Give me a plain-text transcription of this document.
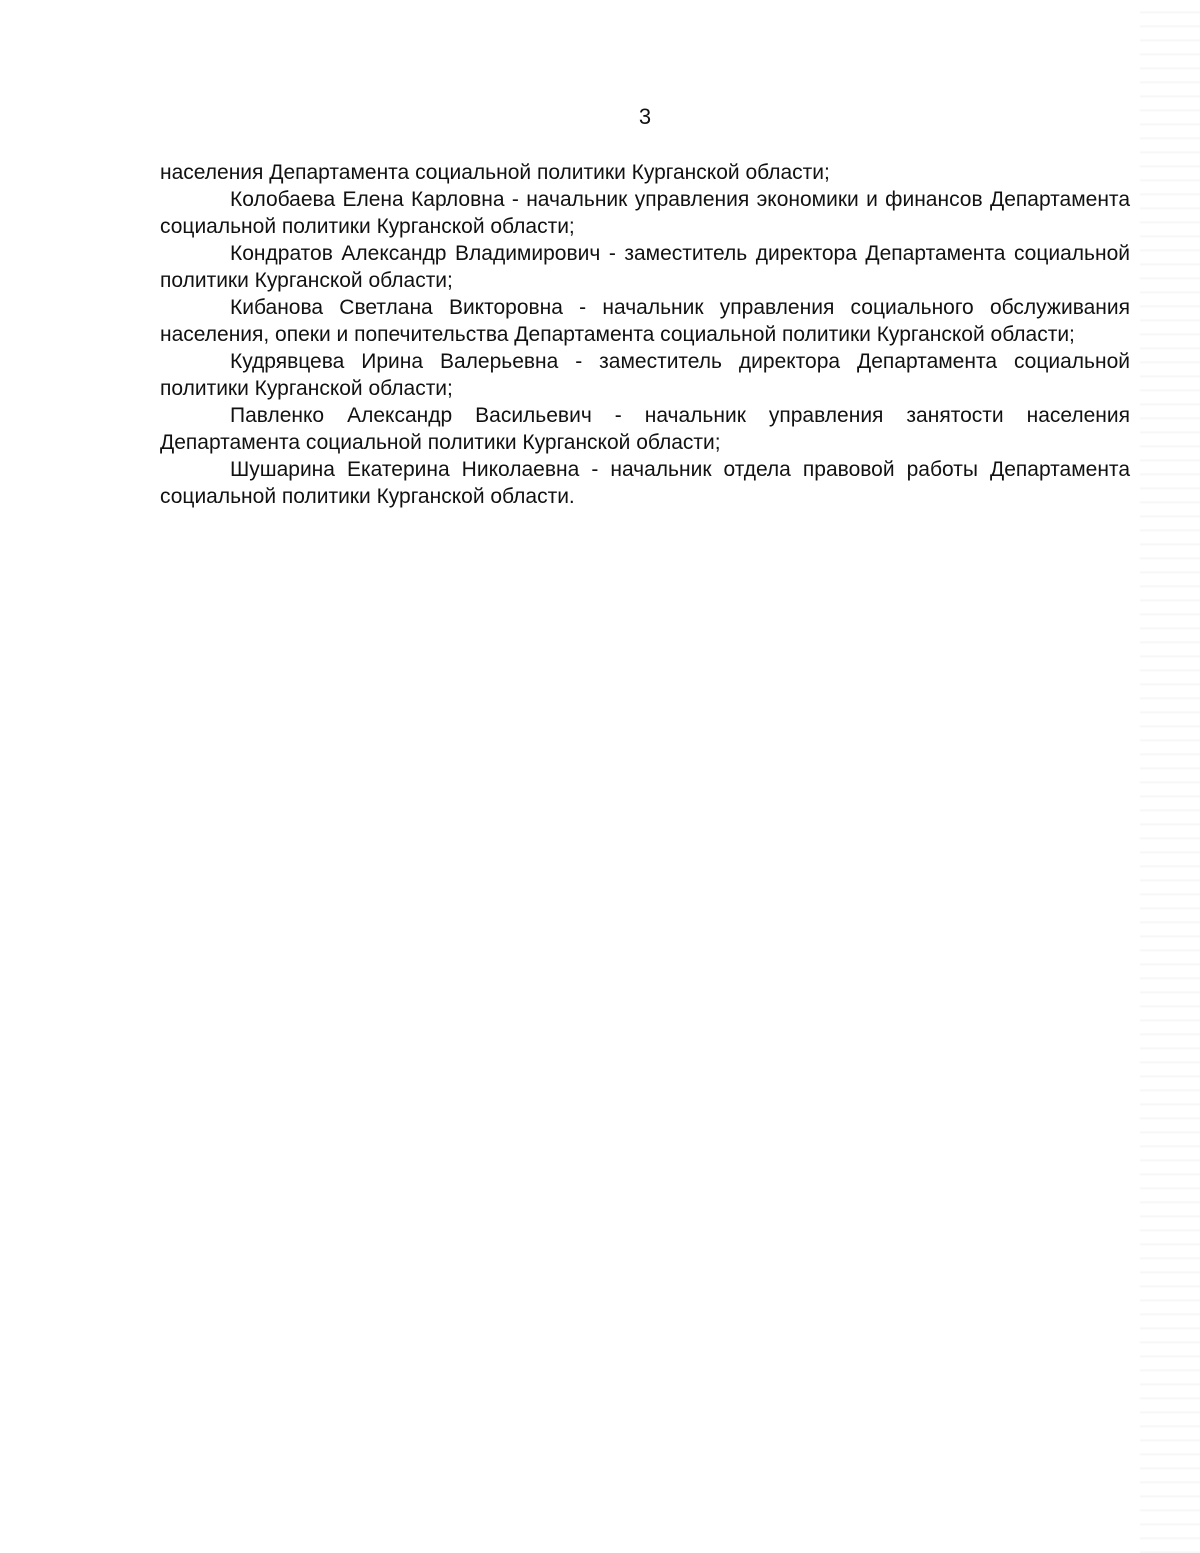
3

населения Департамента социальной политики Курганской области;

Колобаева Елена Карловна - начальник управления экономики и финансов Департамента социальной политики Курганской области;

Кондратов Александр Владимирович - заместитель директора Департамента социальной политики Курганской области;

Кибанова Светлана Викторовна - начальник управления социального обслуживания населения, опеки и попечительства Департамента социальной политики Курганской области;

Кудрявцева Ирина Валерьевна - заместитель директора Департамента социальной политики Курганской области;

Павленко Александр Васильевич - начальник управления занятости населения Департамента социальной политики Курганской области;

Шушарина Екатерина Николаевна - начальник отдела правовой работы Департамента социальной политики Курганской области.
